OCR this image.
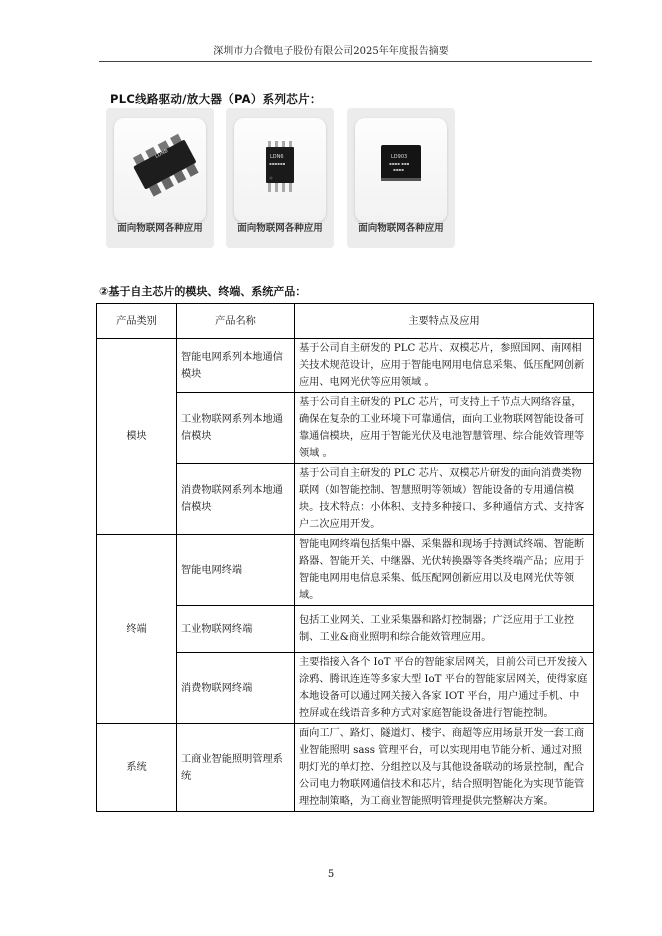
深圳市力合微电子股份有限公司2025年年度报告摘要
PLC线路驱动/放大器（PA）系列芯片：
LDNB
面向物联网各种应用
LDN6
▪▪▪▪▪▪
面向物联网各种应用
LD903
▪▪▪▪ ▪▪▪
▪▪▪▪
面向物联网各种应用
②基于自主芯片的模块、终端、系统产品：
产品类别	产品名称	主要特点及应用
模块	智能电网系列本地通信模块	基于公司自主研发的 PLC 芯片、双模芯片，参照国网、南网相关技术规范设计，应用于智能电网用电信息采集、低压配网创新应用、电网光伏等应用领域 。
	工业物联网系列本地通信模块	基于公司自主研发的 PLC 芯片，可支持上千节点大网络容量，确保在复杂的工业环境下可靠通信，面向工业物联网智能设备可靠通信模块，应用于智能光伏及电池智慧管理、综合能效管理等领域 。
	消费物联网系列本地通信模块	基于公司自主研发的 PLC 芯片、双模芯片研发的面向消费类物联网（如智能控制、智慧照明等领域）智能设备的专用通信模块。技术特点：小体积、支持多种接口、多种通信方式、支持客户二次应用开发。
终端	智能电网终端	智能电网终端包括集中器、采集器和现场手持测试终端、智能断路器、智能开关、中继器、光伏转换器等各类终端产品；应用于智能电网用电信息采集、低压配网创新应用以及电网光伏等领域。
	工业物联网终端	包括工业网关、工业采集器和路灯控制器；广泛应用于工业控制、工业&商业照明和综合能效管理应用。
	消费物联网终端	主要指接入各个 IoT 平台的智能家居网关，目前公司已开发接入涂鸦、腾讯连连等多家大型 IoT 平台的智能家居网关，使得家庭本地设备可以通过网关接入各家 IOT 平台，用户通过手机、中控屏或在线语音多种方式对家庭智能设备进行智能控制。
系统	工商业智能照明管理系统	面向工厂、路灯、隧道灯、楼宇、商超等应用场景开发一套工商业智能照明 sass 管理平台，可以实现用电节能分析、通过对照明灯光的单灯控、分组控以及与其他设备联动的场景控制，配合公司电力物联网通信技术和芯片，结合照明智能化为实现节能管理控制策略，为工商业智能照明管理提供完整解决方案。
5
